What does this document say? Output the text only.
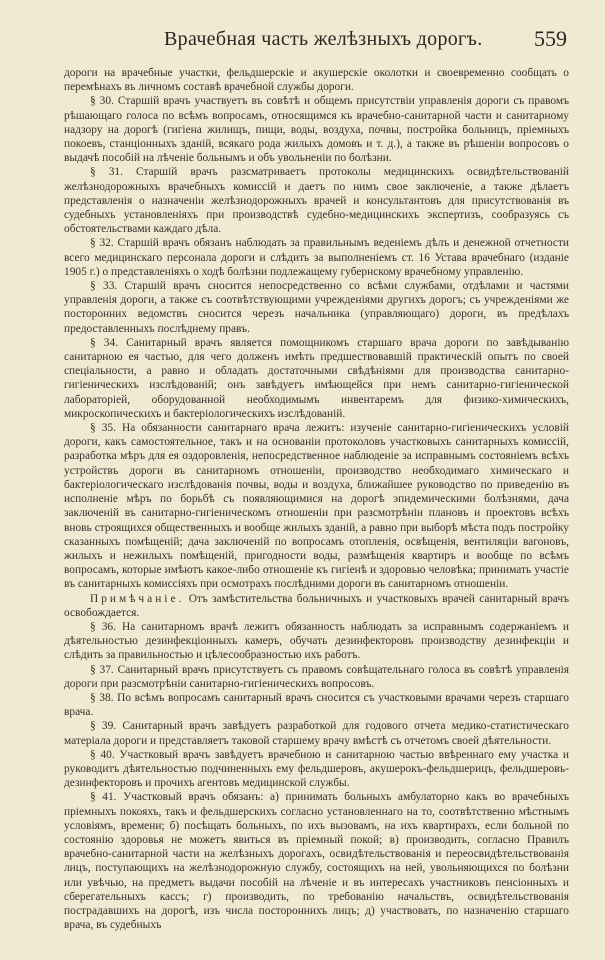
Врачебная часть желѣзныхъ дорогъ. 559

дороги на врачебные участки, фельдшерскiе и акушерскiе околотки и своевременно сообщать о перемѣнахъ въ личномъ составѣ врачебной службы дороги.

§ 30. Старшiй врачъ участвуетъ въ совѣтѣ и общемъ присутствiи управленiя дороги съ правомъ рѣшающаго голоса по всѣмъ вопросамъ, относящимся къ врачебно-санитарной части и санитарному надзору на дорогѣ (гигiена жилищъ, пищи, воды, воздуха, почвы, постройка больницъ, прiемныхъ покоевъ, станцiонныхъ зданiй, всякаго рода жилыхъ домовъ и т. д.), а также въ рѣшенiи вопросовъ о выдачѣ пособiй на лѣченiе больнымъ и объ увольненiи по болѣзни.

§ 31. Старшiй врачъ разсматриваетъ протоколы медицинскихъ освидѣтельствованiй желѣзнодорожныхъ врачебныхъ комиссiй и даетъ по нимъ свое заключенiе, а также дѣлаетъ представленiя о назначенiи желѣзнодорожныхъ врачей и консультантовъ для присутствованiя въ судебныхъ установленiяхъ при производствѣ судебно-медицинскихъ экспертизъ, сообразуясь съ обстоятельствами каждаго дѣла.

§ 32. Старшiй врачъ обязанъ наблюдать за правильнымъ веденiемъ дѣлъ и денежной отчетности всего медицинскаго персонала дороги и слѣдить за выполненiемъ ст. 16 Устава врачебнаго (изданiе 1905 г.) о представленiяхъ о ходѣ болѣзни подлежащему губернскому врачебному управленiю.

§ 33. Старшiй врачъ сносится непосредственно со всѣми службами, отдѣлами и частями управленiя дороги, а также съ соотвѣтствующими учрежденiями другихъ дорогъ; съ учрежденiями же посторонних ведомствъ сносится черезъ начальника (управляющаго) дороги, въ предѣлахъ предоставленныхъ послѣднему правъ.

§ 34. Санитарный врачъ является помощникомъ старшаго врача дороги по завѣдыванiю санитарною ея частью, для чего долженъ имѣть предшествовавшiй практическiй опытъ по своей спецiальности, а равно и обладать достаточными свѣдѣнiями для производства санитарно-гигiеническихъ изслѣдованiй; онъ завѣдуетъ имѣющейся при немъ санитарно-гигiенической лабораторiей, оборудованной необходимымъ инвентаремъ для физико-химическихъ, микроскопическихъ и бактерiологическихъ изслѣдованiй.

§ 35. На обязанности санитарнаго врача лежитъ: изученiе санитарно-гигiеническихъ условiй дороги, какъ самостоятельное, такъ и на основанiи протоколовъ участковыхъ санитарныхъ комиссiй, разработка мѣръ для ея оздоровленiя, непосредственное наблюденiе за исправнымъ состоянiемъ всѣхъ устройствъ дороги въ санитарномъ отношенiи, производство необходимаго химическаго и бактерiологическаго изслѣдованiя почвы, воды и воздуха, ближайшее руководство по приведенiю въ исполненiе мѣръ по борьбѣ съ появляющимися на дорогѣ эпидемическими болѣзнями, дача заключенiй въ санитарно-гигiеническомъ отношенiи при разсмотрѣнiи плановъ и проектовъ всѣхъ вновь строящихся общественныхъ и вообще жилыхъ зданiй, а равно при выборѣ мѣста подъ постройку сказанныхъ помѣщенiй; дача заключенiй по вопросамъ отопленiя, освѣщенiя, вентиляцiи вагоновъ, жилыхъ и нежилыхъ помѣщенiй, пригодности воды, размѣщенiя квартиръ и вообще по всѣмъ вопросамъ, которые имѣютъ какое-либо отношенiе къ гигiенѣ и здоровью человѣка; принимать участiе въ санитарныхъ комиссiяхъ при осмотрахъ послѣдними дороги въ санитарномъ отношенiи.

Примѣчанiе. Отъ замѣстительства больничныхъ и участковыхъ врачей санитарный врачъ освобождается.

§ 36. На санитарномъ врачѣ лежитъ обязанность наблюдать за исправнымъ содержанiемъ и дѣятельностью дезинфекцiонныхъ камеръ, обучать дезинфекторовъ производству дезинфекцiи и слѣдить за правильностью и цѣлесообразностью ихъ работъ.

§ 37. Санитарный врачъ присутствуетъ съ правомъ совѣщательнаго голоса въ совѣтѣ управленiя дороги при разсмотрѣнiи санитарно-гигiеническихъ вопросовъ.

§ 38. По всѣмъ вопросамъ санитарный врачъ сносится съ участковыми врачами черезъ старшаго врача.

§ 39. Санитарный врачъ завѣдуетъ разработкой для годового отчета медико-статистическаго матерiала дороги и представляетъ таковой старшему врачу вмѣстѣ съ отчетомъ своей дѣятельности.

§ 40. Участковый врачъ завѣдуетъ врачебною и санитарною частью ввѣреннаго ему участка и руководитъ дѣятельностью подчиненныхъ ему фельдшеровъ, акушерокъ-фельдшерицъ, фельдшеровъ-дезинфекторовъ и прочихъ агентовъ медицинской службы.

§ 41. Участковый врачъ обязанъ: а) принимать больныхъ амбулаторно какъ во врачебныхъ прiемныхъ покояхъ, такъ и фельдшерскихъ согласно установленнаго на то, соотвѣтственно мѣстнымъ условiямъ, времени; б) посѣщать больныхъ, по ихъ вызовамъ, на ихъ квартирахъ, если больной по состоянiю здоровья не можетъ явиться въ прiемный покой; в) производить, согласно Правилъ врачебно-санитарной части на желѣзныхъ дорогахъ, освидѣтельствованiя и переосвидѣтельствованiя лицъ, поступающихъ на желѣзнодорожную службу, состоящихъ на ней, увольняющихся по болѣзни или увѣчью, на предметъ выдачи пособiй на лѣченiе и въ интересахъ участниковъ пенсiонныхъ и сберегательныхъ кассъ; г) производить, по требованiю начальствъ, освидѣтельствованiя пострадавшихъ на дорогѣ, изъ числа постороннихъ лицъ; д) участвовать, по назначенiю старшаго врача, въ судебныхъ
